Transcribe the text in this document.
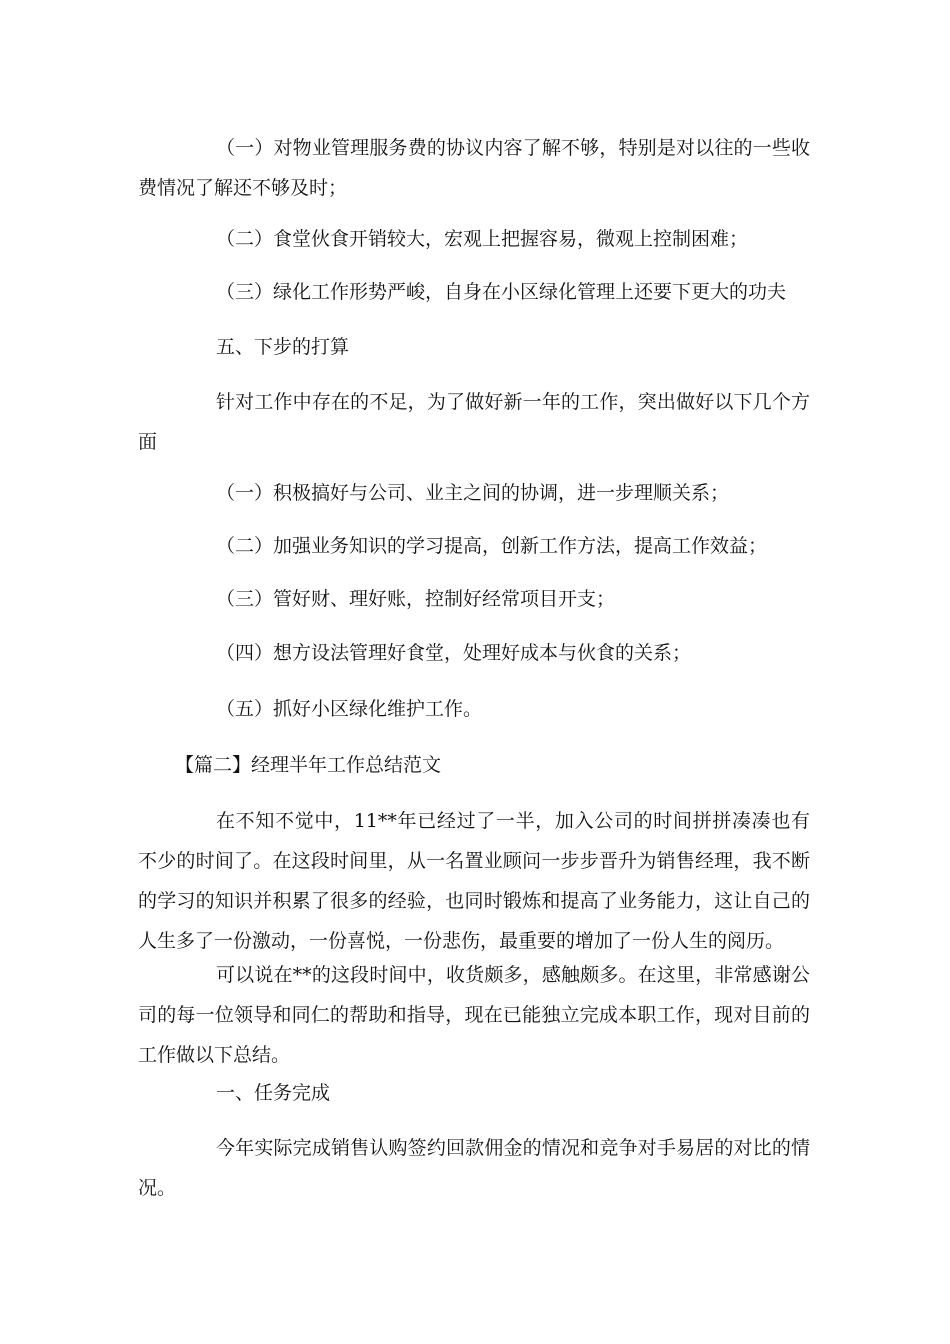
（一）对物业管理服务费的协议内容了解不够，特别是对以往的一些收费情况了解还不够及时；
（二）食堂伙食开销较大，宏观上把握容易，微观上控制困难；
（三）绿化工作形势严峻，自身在小区绿化管理上还要下更大的功夫
五、下步的打算
针对工作中存在的不足，为了做好新一年的工作，突出做好以下几个方面
（一）积极搞好与公司、业主之间的协调，进一步理顺关系；
（二）加强业务知识的学习提高，创新工作方法，提高工作效益；
（三）管好财、理好账，控制好经常项目开支；
（四）想方设法管理好食堂，处理好成本与伙食的关系；
（五）抓好小区绿化维护工作。
【篇二】经理半年工作总结范文
在不知不觉中，11**年已经过了一半，加入公司的时间拼拼凑凑也有不少的时间了。在这段时间里，从一名置业顾问一步步晋升为销售经理，我不断的学习的知识并积累了很多的经验，也同时锻炼和提高了业务能力，这让自己的人生多了一份激动，一份喜悦，一份悲伤，最重要的增加了一份人生的阅历。
可以说在**的这段时间中，收货颇多，感触颇多。在这里，非常感谢公司的每一位领导和同仁的帮助和指导，现在已能独立完成本职工作，现对目前的工作做以下总结。
一、任务完成
今年实际完成销售认购签约回款佣金的情况和竞争对手易居的对比的情况。
